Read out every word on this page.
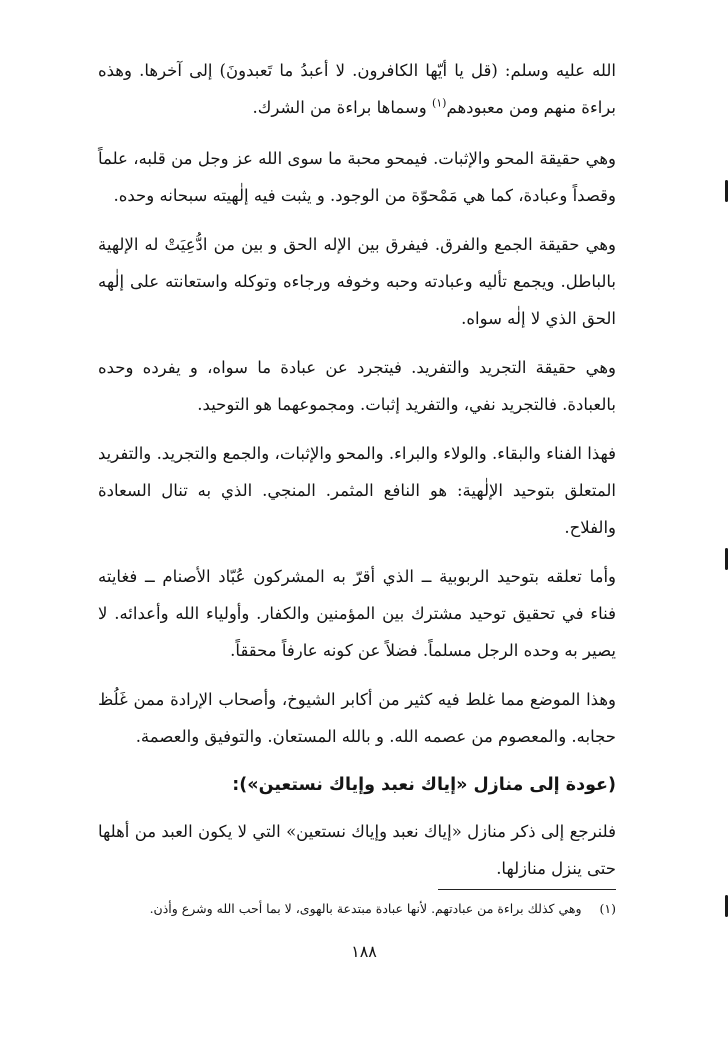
الله عليه وسلم: (قل يا أيّها الكافرون. لا أعبدُ ما تَعبدونَ) إلى آخرها. وهذه براءة منهم ومن معبودهم$^{(١)}$ وسماها براءة من الشرك.

وهي حقيقة المحو والإثبات. فيمحو محبة ما سوى الله عز وجل من قلبه، علماً وقصداً وعبادة، كما هي مَمْحوّة من الوجود. و يثبت فيه إلٰهيته سبحانه وحده.

وهي حقيقة الجمع والفرق. فيفرق بين الإله الحق و بين من ادُّعِيَتْ له الإلهية بالباطل. ويجمع تأليه وعبادته وحبه وخوفه ورجاءه وتوكله واستعانته على إلٰهه الحق الذي لا إلٰه سواه.

وهي حقيقة التجريد والتفريد. فيتجرد عن عبادة ما سواه، و يفرده وحده بالعبادة. فالتجريد نفي، والتفريد إثبات. ومجموعهما هو التوحيد.

فهذا الفناء والبقاء. والولاء والبراء. والمحو والإثبات، والجمع والتجريد. والتفريد المتعلق بتوحيد الإلٰهية: هو النافع المثمر. المنجي. الذي به تنال السعادة والفلاح.

وأما تعلقه بتوحيد الربوبية ــ الذي أقرّ به المشركون عُبّاد الأصنام ــ فغايته فناء في تحقيق توحيد مشترك بين المؤمنين والكفار. وأولياء الله وأعدائه. لا يصير به وحده الرجل مسلماً. فضلاً عن كونه عارفاً محققاً.

وهذا الموضع مما غلط فيه كثير من أكابر الشيوخ، وأصحاب الإرادة ممن غَلُظ حجابه. والمعصوم من عصمه الله. و بالله المستعان. والتوفيق والعصمة.

(عودة إلى منازل «إياك نعبد وإياك نستعين»):

فلنرجع إلى ذكر منازل «إياك نعبد وإياك نستعين» التي لا يكون العبد من أهلها حتى ينزل منازلها.

(١)
وهي كذلك براءة من عبادتهم. لأنها عبادة مبتدعة بالهوى، لا بما أحب الله وشرع وأذن.
١٨٨
